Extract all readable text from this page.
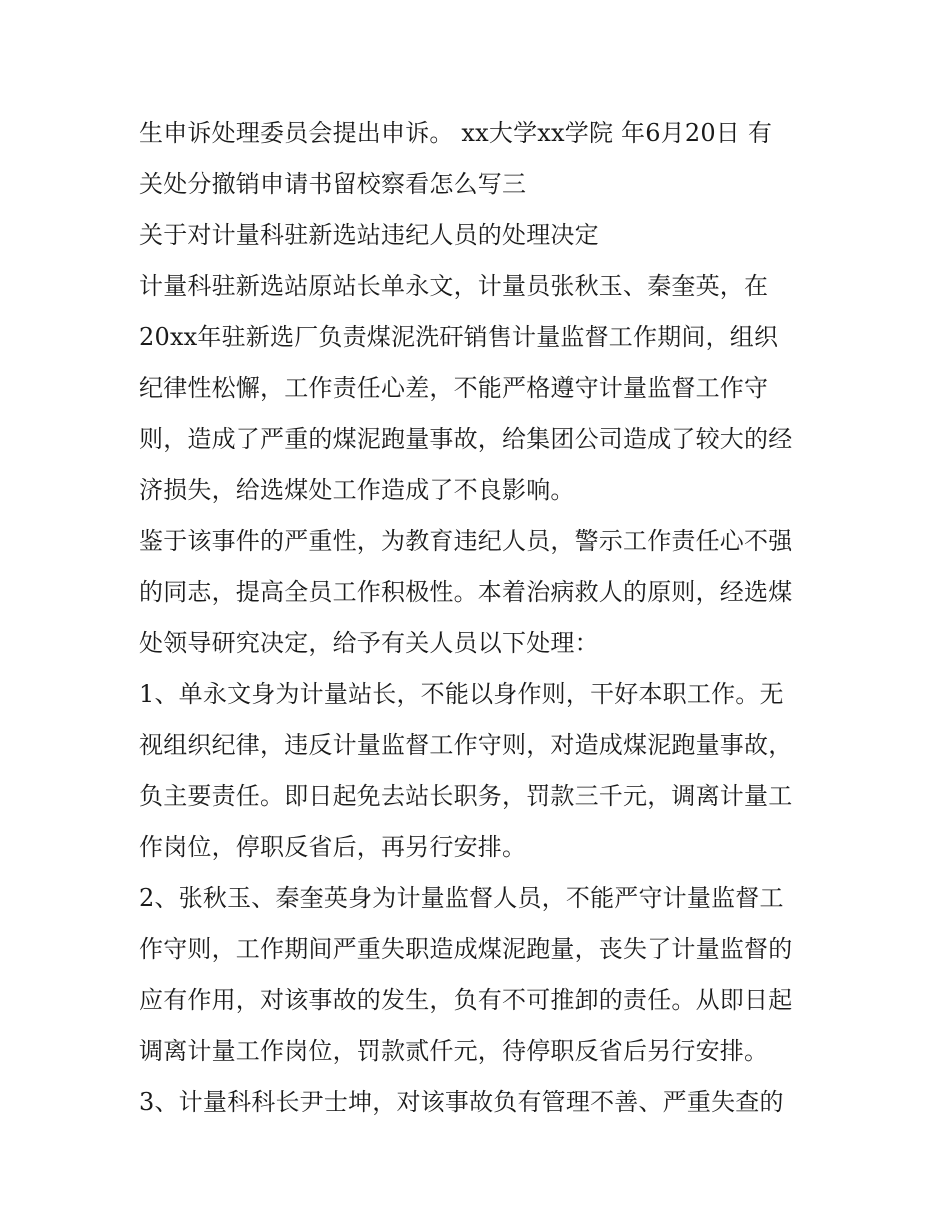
生申诉处理委员会提出申诉。 xx大学xx学院 年6月20日 有
关处分撤销申请书留校察看怎么写三
关于对计量科驻新选站违纪人员的处理决定
计量科驻新选站原站长单永文，计量员张秋玉、秦奎英，在
20xx年驻新选厂负责煤泥洗矸销售计量监督工作期间，组织
纪律性松懈，工作责任心差，不能严格遵守计量监督工作守
则，造成了严重的煤泥跑量事故，给集团公司造成了较大的经
济损失，给选煤处工作造成了不良影响。
鉴于该事件的严重性，为教育违纪人员，警示工作责任心不强
的同志，提高全员工作积极性。本着治病救人的原则，经选煤
处领导研究决定，给予有关人员以下处理：
1、单永文身为计量站长，不能以身作则，干好本职工作。无
视组织纪律，违反计量监督工作守则，对造成煤泥跑量事故，
负主要责任。即日起免去站长职务，罚款三千元，调离计量工
作岗位，停职反省后，再另行安排。
2、张秋玉、秦奎英身为计量监督人员，不能严守计量监督工
作守则，工作期间严重失职造成煤泥跑量，丧失了计量监督的
应有作用，对该事故的发生，负有不可推卸的责任。从即日起
调离计量工作岗位，罚款贰仟元，待停职反省后另行安排。
3、计量科科长尹士坤，对该事故负有管理不善、严重失查的
